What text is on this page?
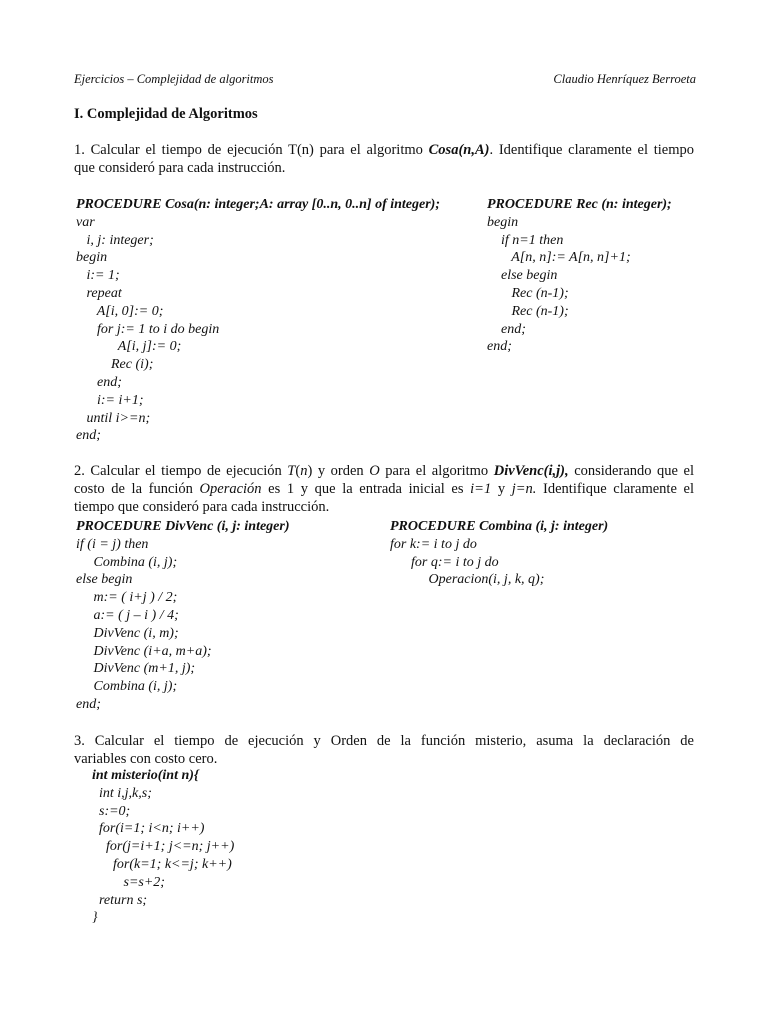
Ejercicios – Complejidad de algoritmos	Claudio Henríquez Berroeta
I. Complejidad de Algoritmos
1. Calcular el tiempo de ejecución T(n) para el algoritmo Cosa(n,A). Identifique claramente el tiempo
que consideró para cada instrucción.
PROCEDURE Cosa(n: integer;A: array [0..n, 0..n] of integer);
var
i, j: integer;
begin
i:= 1;
repeat
A[i, 0]:= 0;
for j:= 1 to i do begin
A[i, j]:= 0;
Rec (i);
end;
i:= i+1;
until i>=n;
end;
PROCEDURE Rec (n: integer);
begin
if n=1 then
A[n, n]:= A[n, n]+1;
else begin
Rec (n-1);
Rec (n-1);
end;
end;
2. Calcular el tiempo de ejecución T(n) y orden O para el algoritmo DivVenc(i,j), considerando que el
costo de la función Operación es 1 y que la entrada inicial es i=1 y j=n. Identifique claramente el
tiempo que consideró para cada instrucción.
PROCEDURE DivVenc (i, j: integer)
if (i = j) then
Combina (i, j);
else begin
m:= ( i+j ) / 2;
a:= ( j – i ) / 4;
DivVenc (i, m);
DivVenc (i+a, m+a);
DivVenc (m+1, j);
Combina (i, j);
end;
PROCEDURE Combina (i, j: integer)
for k:= i to j do
for q:= i to j do
Operacion(i, j, k, q);
3. Calcular el tiempo de ejecución y Orden de la función misterio, asuma la declaración de
variables con costo cero.
int misterio(int n){
int i,j,k,s;
s:=0;
for(i=1; i<n; i++)
for(j=i+1; j<=n; j++)
for(k=1; k<=j; k++)
s=s+2;
return s;
}
